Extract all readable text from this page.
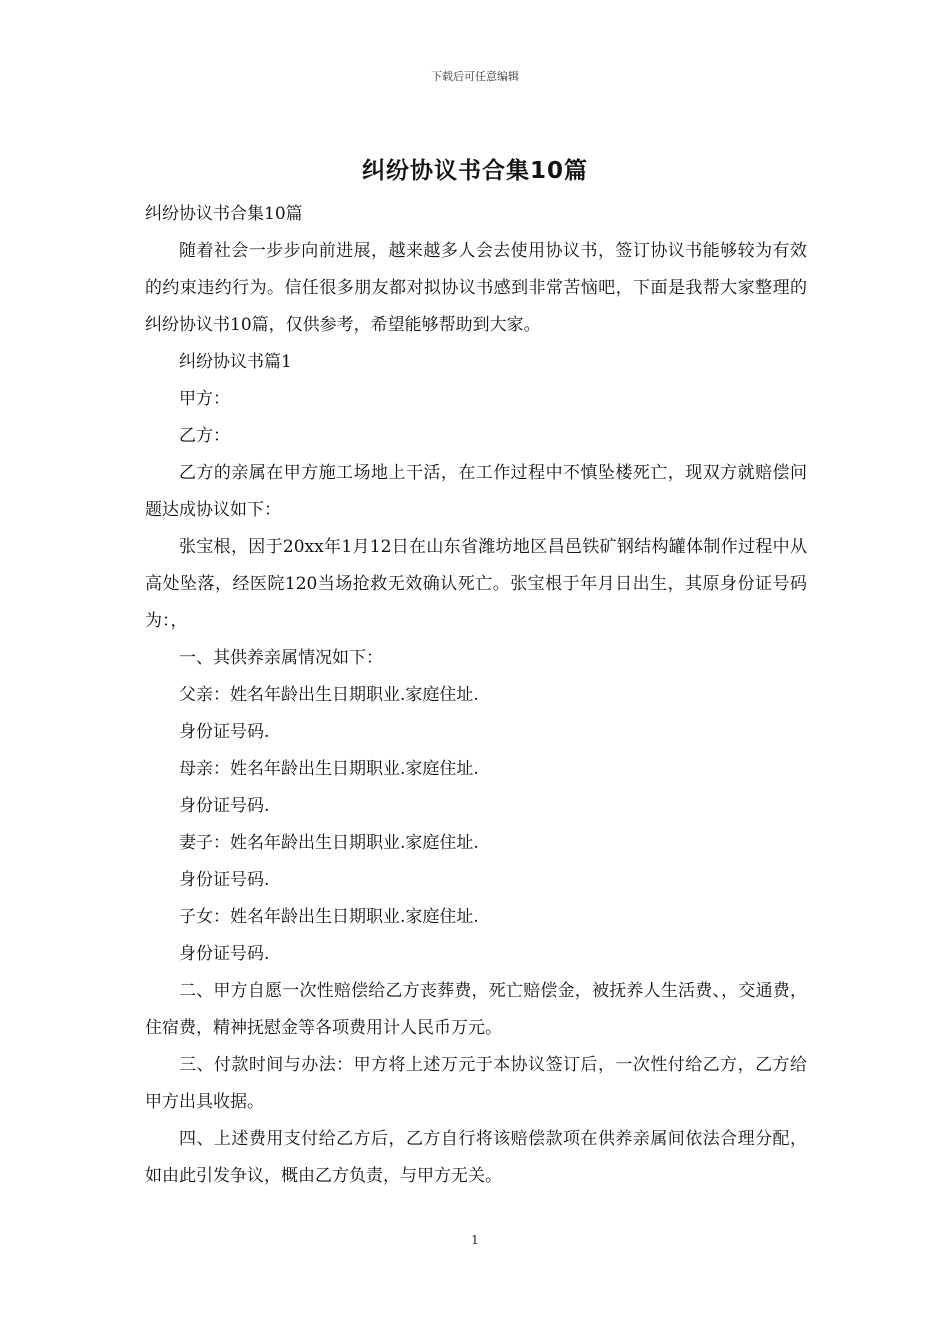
下载后可任意编辑
纠纷协议书合集10篇
纠纷协议书合集10篇

随着社会一步步向前进展，越来越多人会去使用协议书，签订协议书能够较为有效的约束违约行为。信任很多朋友都对拟协议书感到非常苦恼吧，下面是我帮大家整理的纠纷协议书10篇，仅供参考，希望能够帮助到大家。

纠纷协议书篇1
甲方：
乙方：

乙方的亲属在甲方施工场地上干活，在工作过程中不慎坠楼死亡，现双方就赔偿问题达成协议如下：

张宝根，因于20xx年1月12日在山东省潍坊地区昌邑铁矿钢结构罐体制作过程中从高处坠落，经医院120当场抢救无效确认死亡。张宝根于年月日出生，其原身份证号码为：，

一、其供养亲属情况如下：
父亲：姓名年龄出生日期职业.家庭住址.
身份证号码.
母亲：姓名年龄出生日期职业.家庭住址.
身份证号码.
妻子：姓名年龄出生日期职业.家庭住址.
身份证号码.
子女：姓名年龄出生日期职业.家庭住址.
身份证号码.

二、甲方自愿一次性赔偿给乙方丧葬费，死亡赔偿金，被抚养人生活费、，交通费，住宿费，精神抚慰金等各项费用计人民币万元。

三、付款时间与办法：甲方将上述万元于本协议签订后，一次性付给乙方，乙方给甲方出具收据。

四、上述费用支付给乙方后，乙方自行将该赔偿款项在供养亲属间依法合理分配，如由此引发争议，概由乙方负责，与甲方无关。

1
